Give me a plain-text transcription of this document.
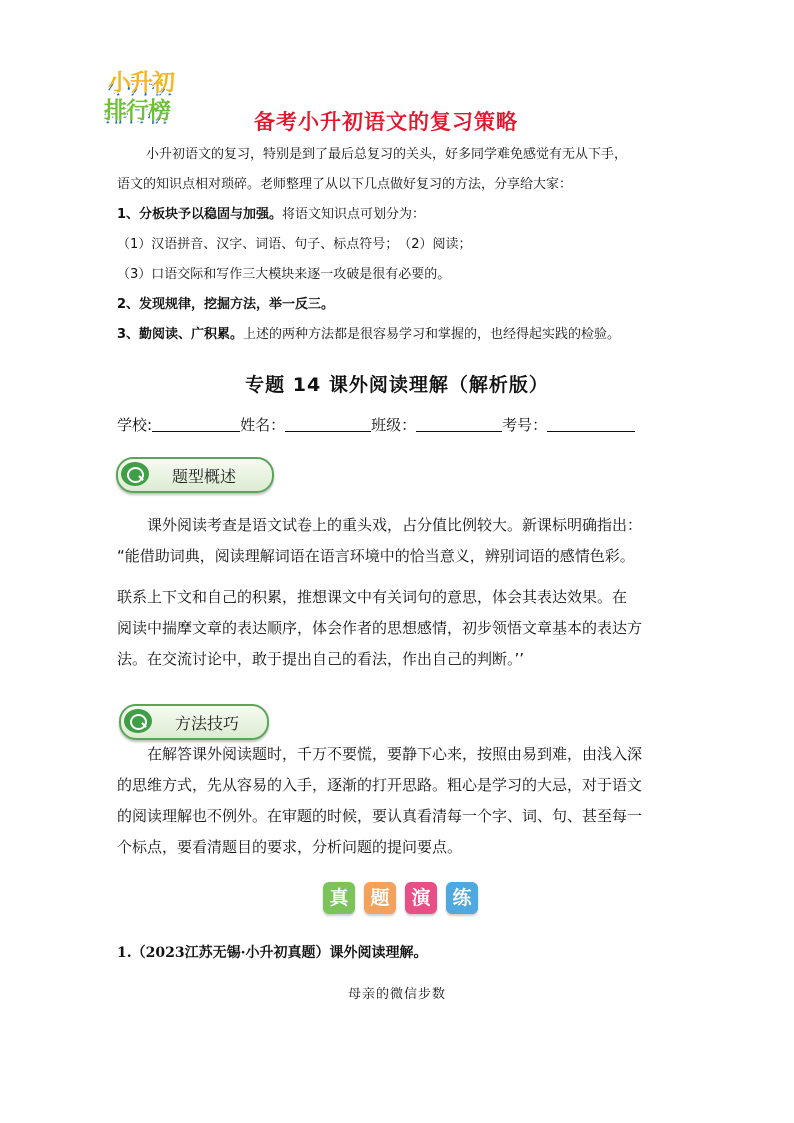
小升初
排行榜	备考小升初语文的复习策略

小升初语文的复习，特别是到了最后总复习的关头，好多同学难免感觉有无从下手，

语文的知识点相对琐碎。老师整理了从以下几点做好复习的方法，分享给大家：

1、分板块予以稳固与加强。将语文知识点可划分为：

（1）汉语拼音、汉字、词语、句子、标点符号；　（2）阅读；

（3）口语交际和写作三大模块来逐一攻破是很有必要的。

2、发现规律，挖掘方法，举一反三。

3、勤阅读、广积累。上述的两种方法都是很容易学习和掌握的，也经得起实践的检验。

专题 14 课外阅读理解（解析版）
学校:	姓名：	班级：	考号：
题型概述

课外阅读考查是语文试卷上的重头戏，占分值比例较大。新课标明确指出：

“能借助词典，阅读理解词语在语言环境中的恰当意义，辨别词语的感情色彩。

联系上下文和自己的积累，推想课文中有关词句的意思，体会其表达效果。在

阅读中揣摩文章的表达顺序，体会作者的思想感情，初步领悟文章基本的表达方

法。在交流讨论中，敢于提出自己的看法，作出自己的判断。’’

方法技巧

在解答课外阅读题时，千万不要慌，要静下心来，按照由易到难，由浅入深

的思维方式，先从容易的入手，逐渐的打开思路。粗心是学习的大忌，对于语文

的阅读理解也不例外。在审题的时候，要认真看清每一个字、词、句、甚至每一

个标点，要看清题目的要求，分析问题的提问要点。

真	题	演	练
1.（2023江苏无锡·小升初真题）课外阅读理解。
母亲的微信步数
